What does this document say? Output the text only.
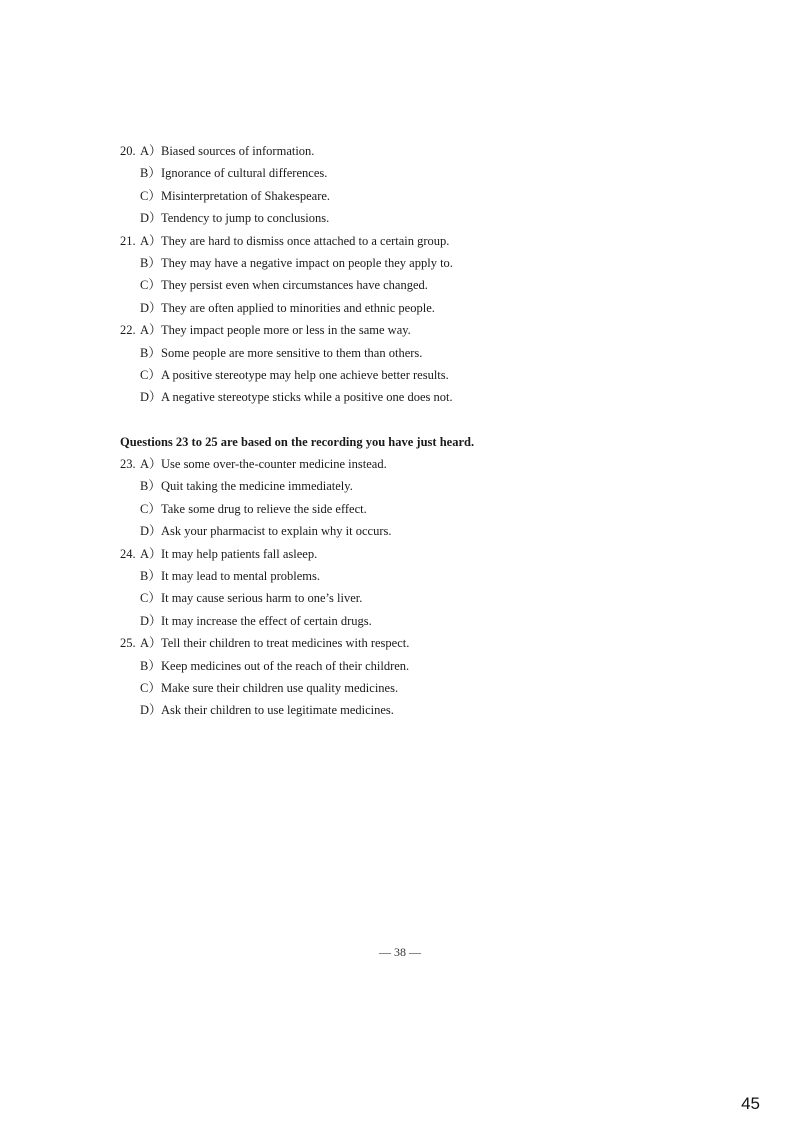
20. A）Biased sources of information.
B）Ignorance of cultural differences.
C）Misinterpretation of Shakespeare.
D）Tendency to jump to conclusions.
21. A）They are hard to dismiss once attached to a certain group.
B）They may have a negative impact on people they apply to.
C）They persist even when circumstances have changed.
D）They are often applied to minorities and ethnic people.
22. A）They impact people more or less in the same way.
B）Some people are more sensitive to them than others.
C）A positive stereotype may help one achieve better results.
D）A negative stereotype sticks while a positive one does not.
Questions 23 to 25 are based on the recording you have just heard.
23. A）Use some over-the-counter medicine instead.
B）Quit taking the medicine immediately.
C）Take some drug to relieve the side effect.
D）Ask your pharmacist to explain why it occurs.
24. A）It may help patients fall asleep.
B）It may lead to mental problems.
C）It may cause serious harm to one’s liver.
D）It may increase the effect of certain drugs.
25. A）Tell their children to treat medicines with respect.
B）Keep medicines out of the reach of their children.
C）Make sure their children use quality medicines.
D）Ask their children to use legitimate medicines.
— 38 —
45
